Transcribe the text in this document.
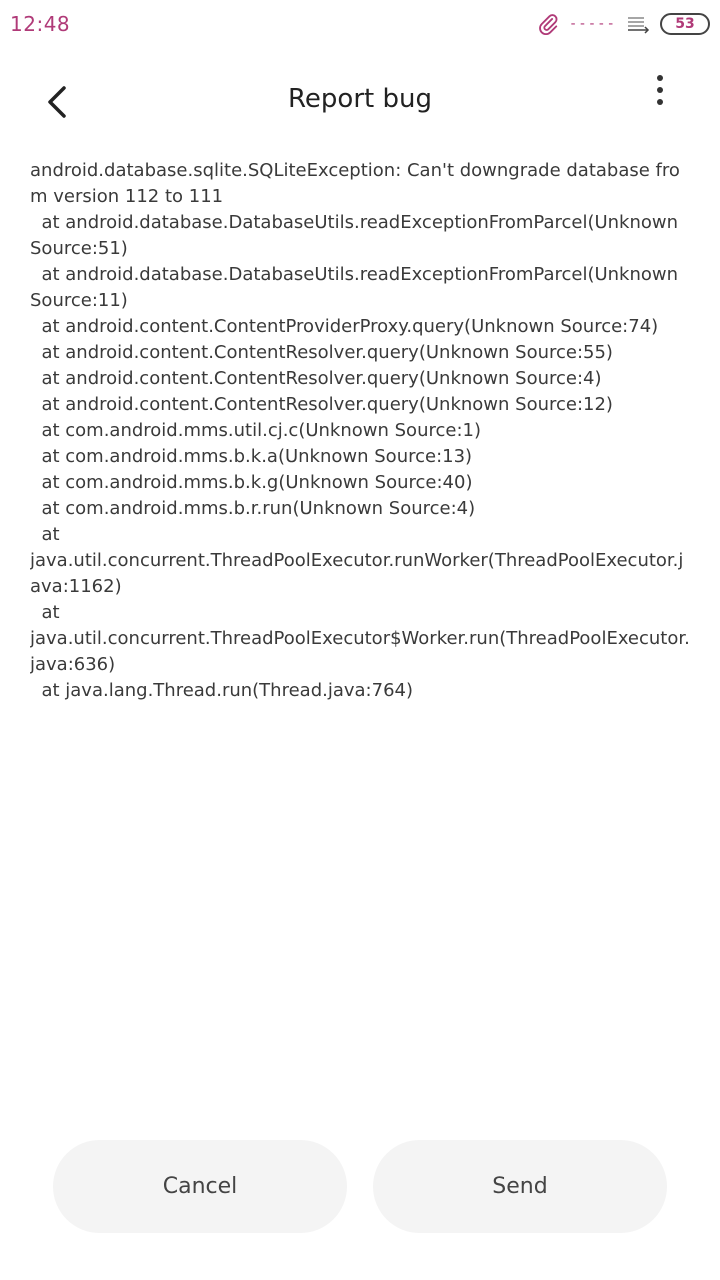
12:48	-----	53
Report bug
android.database.sqlite.SQLiteException: Can't downgrade database from version 112 to 111
at android.database.DatabaseUtils.readExceptionFromParcel(Unknown Source:51)
at android.database.DatabaseUtils.readExceptionFromParcel(Unknown Source:11)
at android.content.ContentProviderProxy.query(Unknown Source:74)
at android.content.ContentResolver.query(Unknown Source:55)
at android.content.ContentResolver.query(Unknown Source:4)
at android.content.ContentResolver.query(Unknown Source:12)
at com.android.mms.util.cj.c(Unknown Source:1)
at com.android.mms.b.k.a(Unknown Source:13)
at com.android.mms.b.k.g(Unknown Source:40)
at com.android.mms.b.r.run(Unknown Source:4)
at
java.util.concurrent.ThreadPoolExecutor.runWorker(ThreadPoolExecutor.java:1162)
at
java.util.concurrent.ThreadPoolExecutor$Worker.run(ThreadPoolExecutor.java:636)
at java.lang.Thread.run(Thread.java:764)
Cancel	Send
